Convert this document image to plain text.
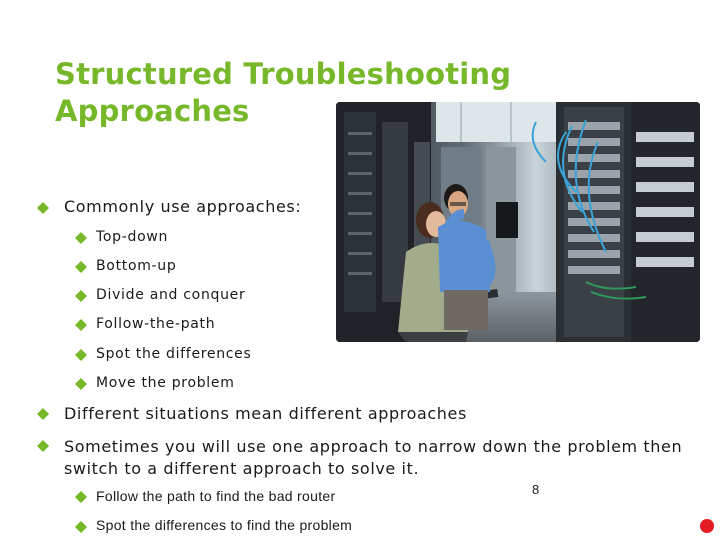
Structured Troubleshooting
Approaches
Commonly use approaches:
Top-down
Bottom-up
Divide and conquer
Follow-the-path
Spot the differences
Move the problem
Different situations mean different approaches
Sometimes you will use one approach to narrow down the problem then
switch to a different approach to solve it.
Follow the path to find the bad router
Spot the differences to find the problem
8
